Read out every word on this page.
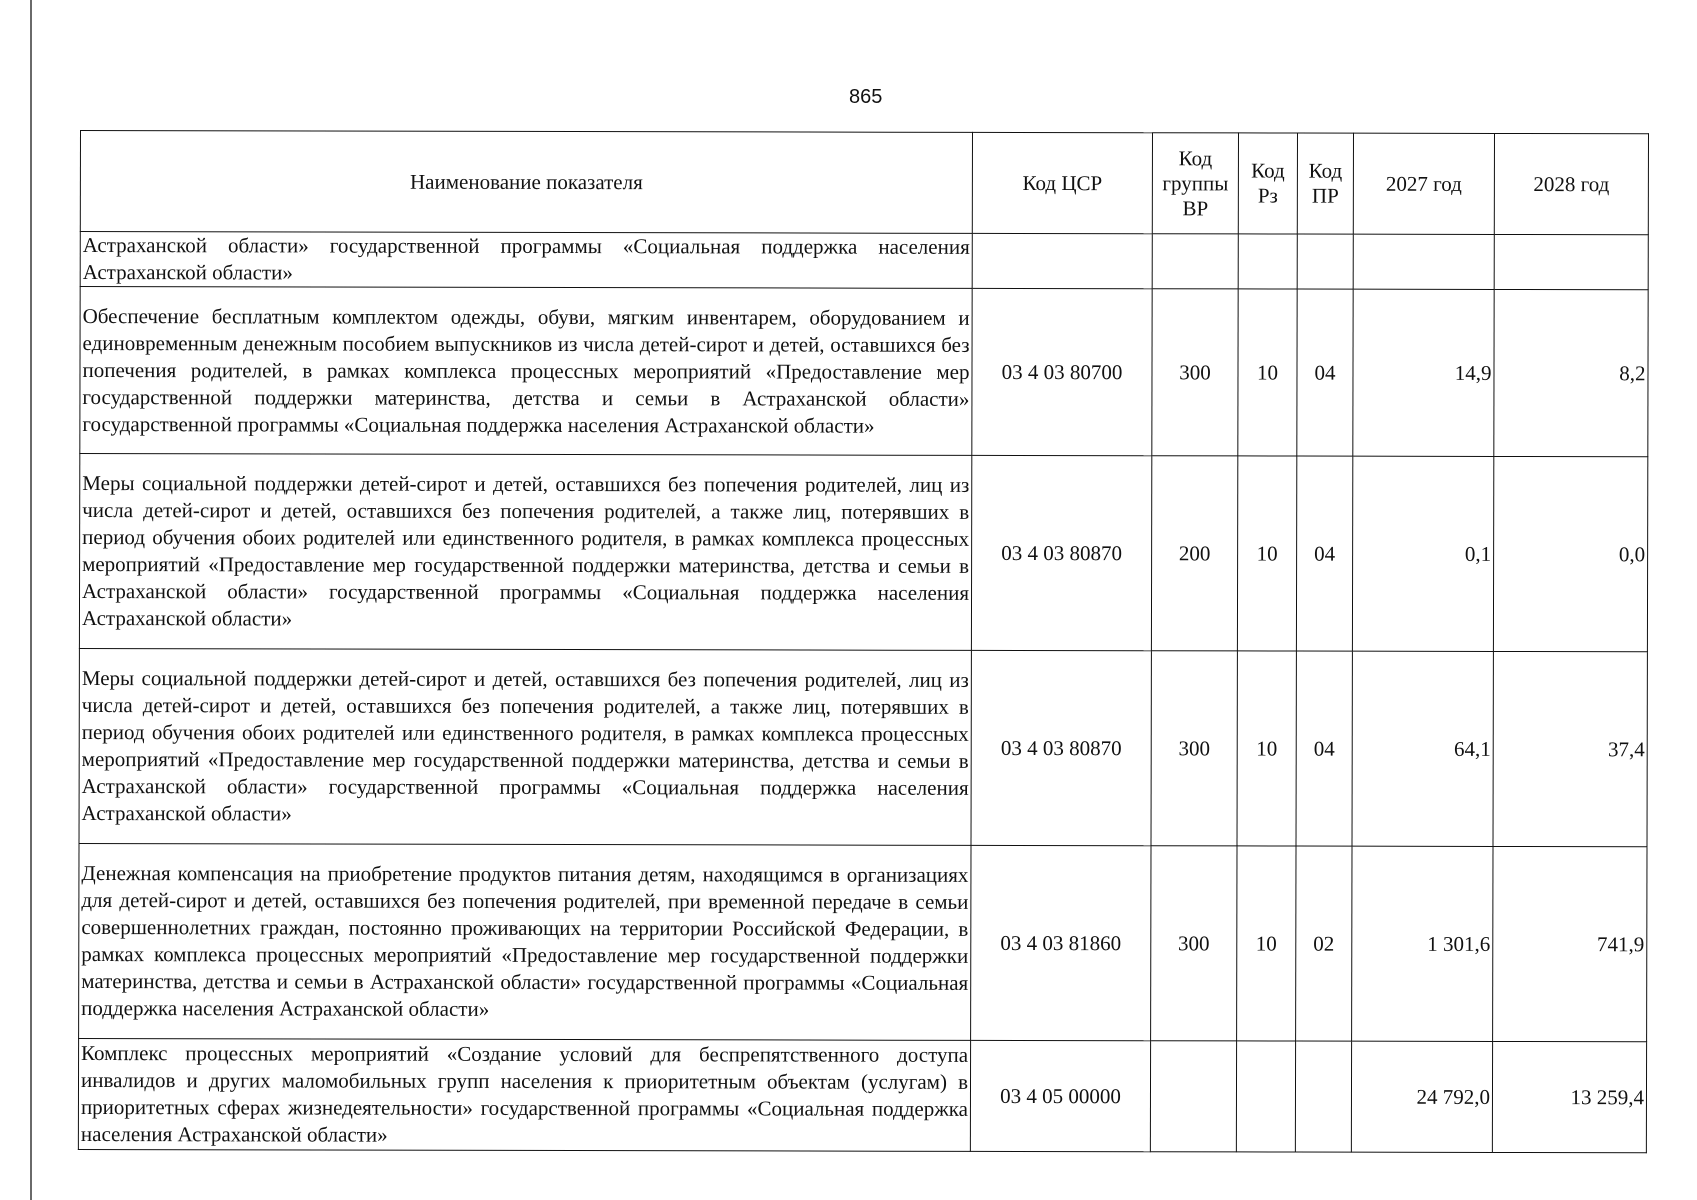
865
Наименование показателя	Код ЦСР	Код группы ВР	Код Рз	Код ПР	2027 год	2028 год
Астраханской области» государственной программы «Социальная поддержка населения Астраханской области»						
Обеспечение бесплатным комплектом одежды, обуви, мягким инвентарем, оборудованием и единовременным денежным пособием выпускников из числа детей-сирот и детей, оставшихся без попечения родителей, в рамках комплекса процессных мероприятий «Предоставление мер государственной поддержки материнства, детства и семьи в Астраханской области» государственной программы «Социальная поддержка населения Астраханской области»	03 4 03 80700	300	10	04	14,9	8,2
Меры социальной поддержки детей-сирот и детей, оставшихся без попечения родителей, лиц из числа детей-сирот и детей, оставшихся без попечения родителей, а также лиц, потерявших в период обучения обоих родителей или единственного родителя, в рамках комплекса процессных мероприятий «Предоставление мер государственной поддержки материнства, детства и семьи в Астраханской области» государственной программы «Социальная поддержка населения Астраханской области»	03 4 03 80870	200	10	04	0,1	0,0
Меры социальной поддержки детей-сирот и детей, оставшихся без попечения родителей, лиц из числа детей-сирот и детей, оставшихся без попечения родителей, а также лиц, потерявших в период обучения обоих родителей или единственного родителя, в рамках комплекса процессных мероприятий «Предоставление мер государственной поддержки материнства, детства и семьи в Астраханской области» государственной программы «Социальная поддержка населения Астраханской области»	03 4 03 80870	300	10	04	64,1	37,4
Денежная компенсация на приобретение продуктов питания детям, находящимся в организациях для детей-сирот и детей, оставшихся без попечения родителей, при временной передаче в семьи совершеннолетних граждан, постоянно проживающих на территории Российской Федерации, в рамках комплекса процессных мероприятий «Предоставление мер государственной поддержки материнства, детства и семьи в Астраханской области» государственной программы «Социальная поддержка населения Астраханской области»	03 4 03 81860	300	10	02	1 301,6	741,9
Комплекс процессных мероприятий «Создание условий для беспрепятственного доступа инвалидов и других маломобильных групп населения к приоритетным объектам (услугам) в приоритетных сферах жизнедеятельности» государственной программы «Социальная поддержка населения Астраханской области»	03 4 05 00000				24 792,0	13 259,4
